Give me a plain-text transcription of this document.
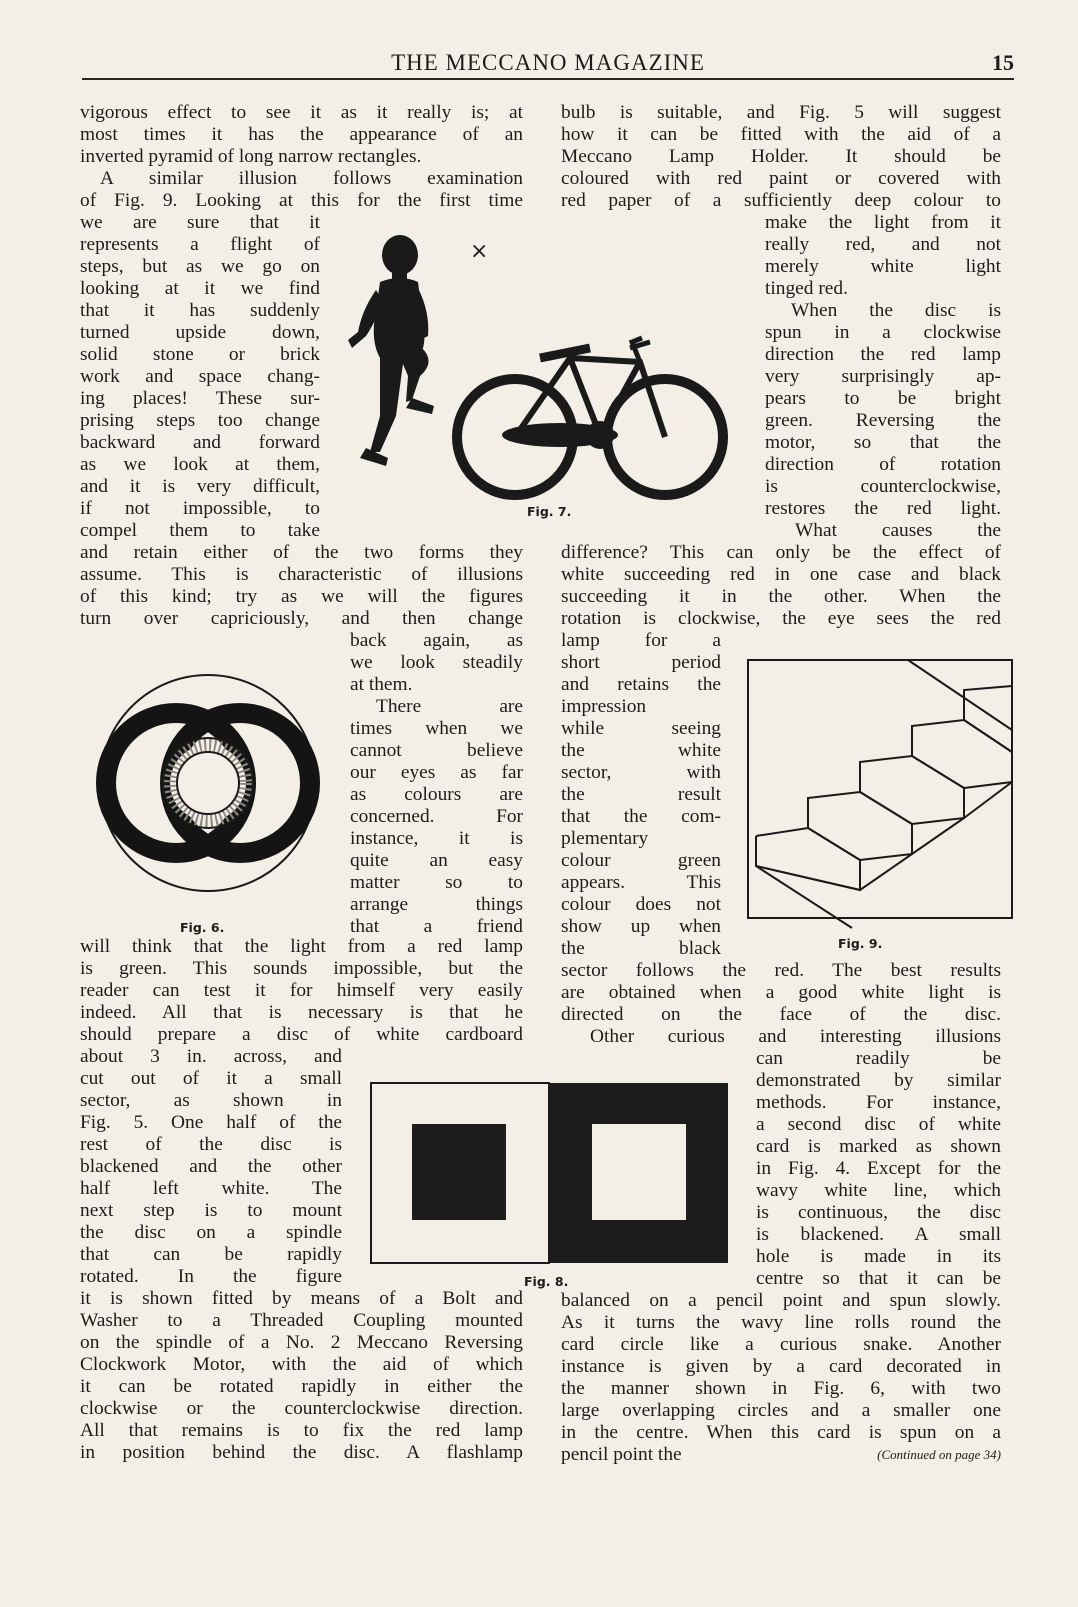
THE MECCANO MAGAZINE	15
vigorous effect to see it as it really is; at
most times it has the appearance of an
inverted pyramid of long narrow rectangles.
A similar illusion follows examination
of Fig. 9. Looking at this for the first time
we are sure that it
represents a flight of
steps, but as we go on
looking at it we find
that it has suddenly
turned upside down,
solid stone or brick
work and space chang-
ing places! These sur-
prising steps too change
backward and forward
as we look at them,
and it is very difficult,
if not impossible, to
compel them to take
and retain either of the two forms they
assume. This is characteristic of illusions
of this kind; try as we will the figures
turn over capriciously, and then change
back again, as
we look steadily
at them.
There are
times when we
cannot believe
our eyes as far
as colours are
concerned. For
instance, it is
quite an easy
matter so to
arrange things
that a friend
will think that the light from a red lamp
is green. This sounds impossible, but the
reader can test it for himself very easily
indeed. All that is necessary is that he
should prepare a disc of white cardboard
about 3 in. across, and
cut out of it a small
sector, as shown in
Fig. 5. One half of the
rest of the disc is
blackened and the other
half left white. The
next step is to mount
the disc on a spindle
that can be rapidly
rotated. In the figure
it is shown fitted by means of a Bolt and
Washer to a Threaded Coupling mounted
on the spindle of a No. 2 Meccano Reversing
Clockwork Motor, with the aid of which
it can be rotated rapidly in either the
clockwise or the counterclockwise direction.
All that remains is to fix the red lamp
in position behind the disc. A flashlamp
bulb is suitable, and Fig. 5 will suggest
how it can be fitted with the aid of a
Meccano Lamp Holder. It should be
coloured with red paint or covered with
red paper of a sufficiently deep colour to
make the light from it
really red, and not
merely white light
tinged red.
When the disc is
spun in a clockwise
direction the red lamp
very surprisingly ap-
pears to be bright
green. Reversing the
motor, so that the
direction of rotation
is counterclockwise,
restores the red light.
What causes the
difference? This can only be the effect of
white succeeding red in one case and black
succeeding it in the other. When the
rotation is clockwise, the eye sees the red
lamp for a
short period
and retains the
impression
while seeing
the white
sector, with
the result
that the com-
plementary
colour green
appears. This
colour does not
show up when
the black
sector follows the red. The best results
are obtained when a good white light is
directed on the face of the disc.
Other curious and interesting illusions
can readily be
demonstrated by similar
methods. For instance,
a second disc of white
card is marked as shown
in Fig. 4. Except for the
wavy white line, which
is continuous, the disc
is blackened. A small
hole is made in its
centre so that it can be
balanced on a pencil point and spun slowly.
As it turns the wavy line rolls round the
card circle like a curious snake. Another
instance is given by a card decorated in
the manner shown in Fig. 6, with two
large overlapping circles and a smaller one
in the centre. When this card is spun on a
pencil point the	(Continued on page 34)
×
Fig. 7.
Fig. 6.
Fig. 9.
Fig. 8.
